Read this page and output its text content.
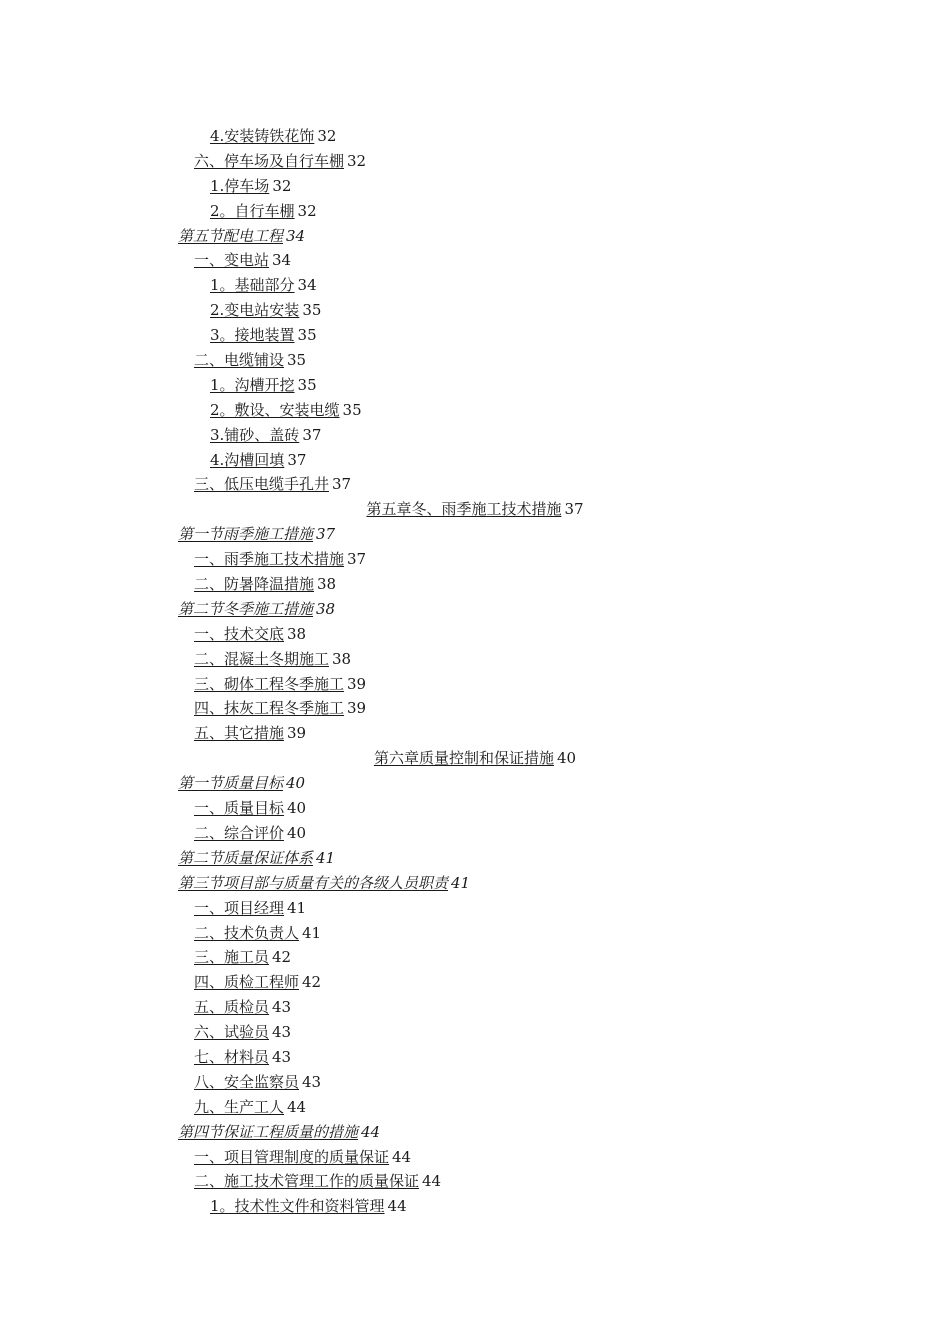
4.安装铸铁花饰 32
六、停车场及自行车棚 32
1.停车场 32
2。自行车棚 32
第五节配电工程 34
一、变电站 34
1。基础部分 34
2.变电站安装 35
3。接地装置 35
二、电缆铺设 35
1。沟槽开挖 35
2。敷设、安装电缆 35
3.铺砂、盖砖 37
4.沟槽回填 37
三、低压电缆手孔井 37
第五章冬、雨季施工技术措施 37
第一节雨季施工措施 37
一、雨季施工技术措施 37
二、防暑降温措施 38
第二节冬季施工措施 38
一、技术交底 38
二、混凝土冬期施工 38
三、砌体工程冬季施工 39
四、抹灰工程冬季施工 39
五、其它措施 39
第六章质量控制和保证措施 40
第一节质量目标 40
一、质量目标 40
二、综合评价 40
第二节质量保证体系 41
第三节项目部与质量有关的各级人员职责 41
一、项目经理 41
二、技术负责人 41
三、施工员 42
四、质检工程师 42
五、质检员 43
六、试验员 43
七、材料员 43
八、安全监察员 43
九、生产工人 44
第四节保证工程质量的措施 44
一、项目管理制度的质量保证 44
二、施工技术管理工作的质量保证 44
1。技术性文件和资料管理 44
